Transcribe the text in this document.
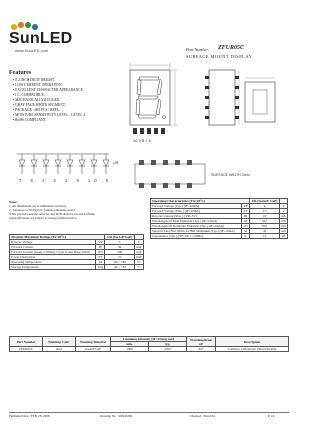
SunLED
www.SunLED.com	Part Number: ZFUR05C
SURFACE MOUNT DISPLAY
Features
• 0.2 INCH DIGIT HEIGHT.
• LOW CURRENT OPERATION.
• EXCELLENT CHARACTER APPEARANCE.
• I.C. COMPATIBLE.
• MECHANICALLY RUGGED.
• GRAY FACE,WHITE SEGMENT.
• PACKAGE : 600 PCS / REEL.
• MOISTURE SENSITIVITY LEVEL : LEVEL 4.
• RoHS COMPLIANT.
10 9 8 7 6
SURFACE WIDTH 3mm
7 6 4 2 1 9 10 5
UR
Notes:
1. All dimensions are in millimeters (inches).
2. Tolerance is ±0.25(0.01") unless otherwise noted.
3.The gap between the reflector and PCB shall not exceed 0.25mm.
4.Specifications are subject to change without notice.
Absolute Maximum Ratings (Ta=25°C)		UR (GaAsP/GaP)	
Reverse Voltage	VR	5	V
Forward Current	IF	30	mA
Forward Current (peak) 1/10Duty Cycle 0.1ms Pulse Width	iFS	160	mA
Power Dissipation	PT	75	mW
Operating Temperature	TA	-40 ~ +85	°C
Storage Temperature	Tstg	-40 ~ +85	°C
Operating Characteristics (TA=25°C)		UR (GaAsP/ GaP)	
Forward Voltage (Typ.) (IF=10mA)	VF	2	V
Forward Voltage (Max.) (IF=10mA)	VF	2.5	V
Reverse Current (Max.) (VR=5V)	IR	10	uA
Wavelength Of Peak Emission (Typ.) (IF=10mA)	λP	627	nm
Wavelength Of Dominant Emission (Typ.) (IF=10mA)	λD	625	nm
Spectral Line Full Width At Half Maximum (Typ.) (IF=10mA)	Δλ	45	nm
Capacitance (Typ.) (VF=0V, f=1MHz)	C	15	pF
Part Number	Emitting Color	Emitting Material	Luminous Intensity (IF=10mA) mcd		Wavelength nm λP	Description
			min.	typ.		
ZFUR05C	Red	GaAsP/GaP	1300	2700	627	Common Cathode,Rt. Hand Decimal
Published Date : FEB. 28, 2008	Drawing No : SDS43282	Checked : Shin Chi	P.1/4
